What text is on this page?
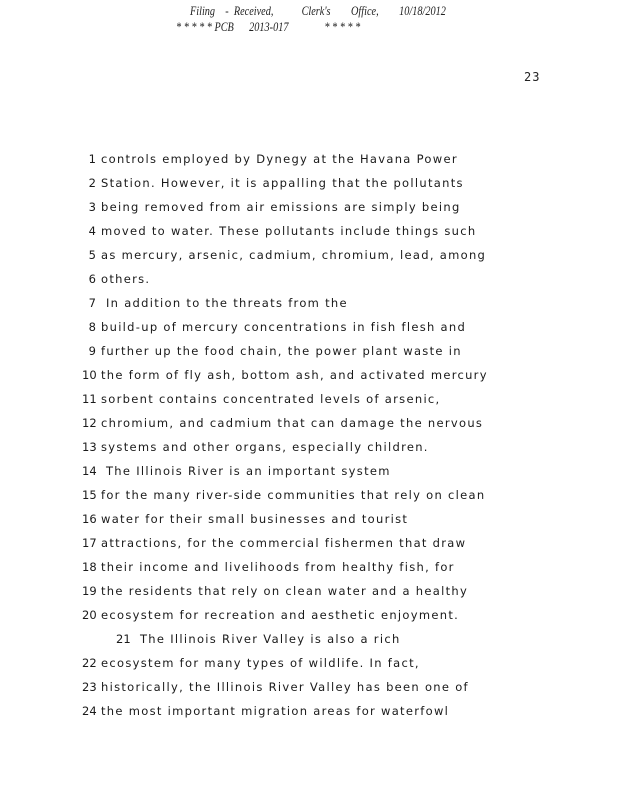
Filing    -  Received,           Clerk's        Office,        10/18/2012
* * * * * PCB      2013-017              * * * * *
23
1 controls employed by Dynegy at the Havana Power
2 Station. However, it is appalling that the pollutants
3 being removed from air emissions are simply being
4 moved to water. These pollutants include things such
5 as mercury, arsenic, cadmium, chromium, lead, among
6 others.
7 In addition to the threats from the
8 build-up of mercury concentrations in fish flesh and
9 further up the food chain, the power plant waste in
10 the form of fly ash, bottom ash, and activated mercury
11 sorbent contains concentrated levels of arsenic,
12 chromium, and cadmium that can damage the nervous
13 systems and other organs, especially children.
14 The Illinois River is an important system
15 for the many river-side communities that rely on clean
16 water for their small businesses and tourist
17 attractions, for the commercial fishermen that draw
18 their income and livelihoods from healthy fish, for
19 the residents that rely on clean water and a healthy
20 ecosystem for recreation and aesthetic enjoyment.
21 The Illinois River Valley is also a rich
22 ecosystem for many types of wildlife. In fact,
23 historically, the Illinois River Valley has been one of
24 the most important migration areas for waterfowl
